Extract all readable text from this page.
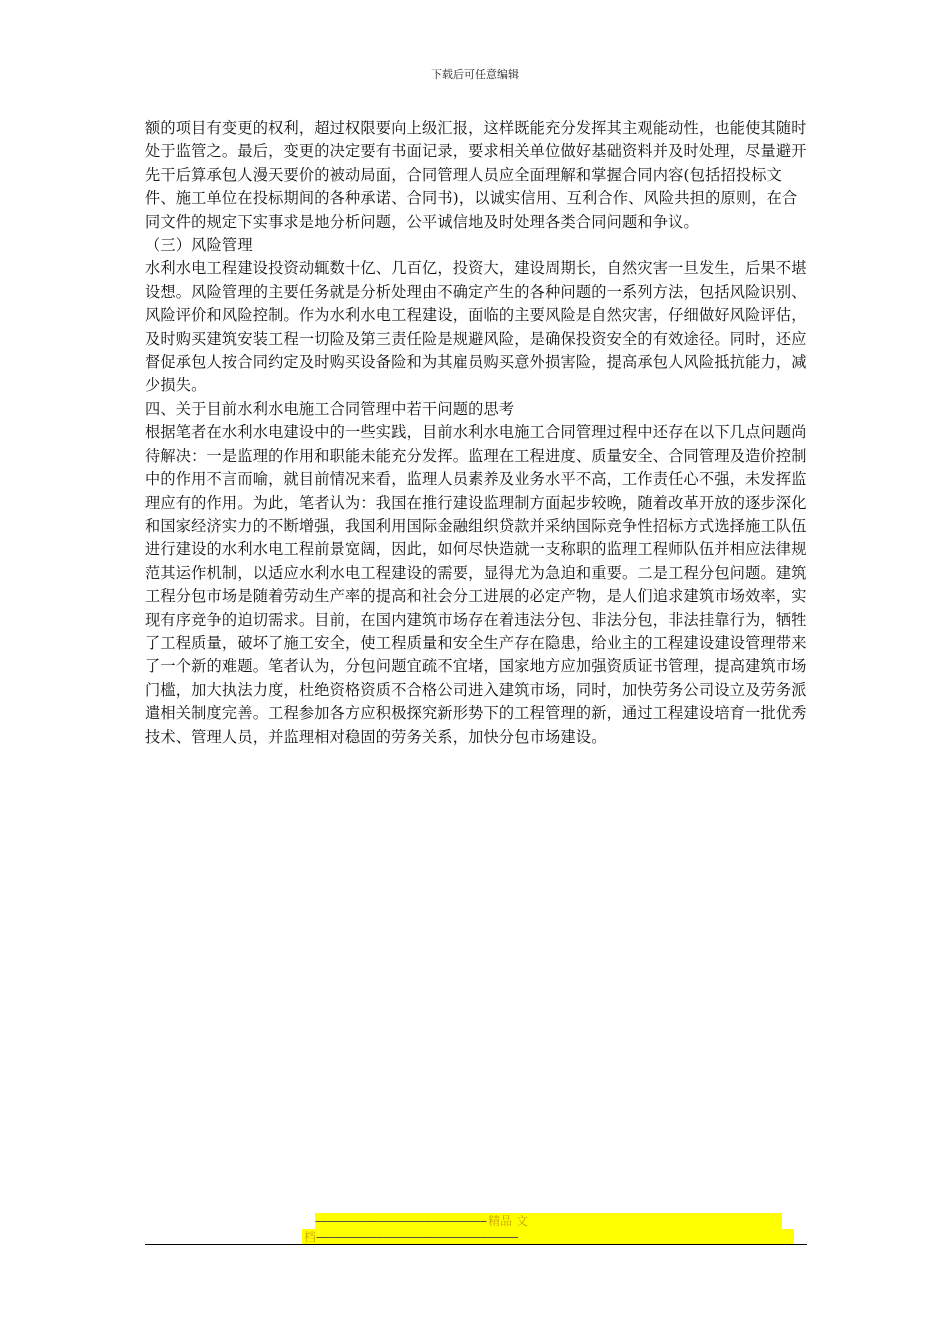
下载后可任意编辑

额的项目有变更的权利，超过权限要向上级汇报，这样既能充分发挥其主观能动性，也能使其随时处于监管之。最后，变更的决定要有书面记录，要求相关单位做好基础资料并及时处理，尽量避开先干后算承包人漫天要价的被动局面，合同管理人员应全面理解和掌握合同内容(包括招投标文件、施工单位在投标期间的各种承诺、合同书)，以诚实信用、互利合作、风险共担的原则，在合同文件的规定下实事求是地分析问题，公平诚信地及时处理各类合同问题和争议。

（三）风险管理

水利水电工程建设投资动辄数十亿、几百亿，投资大，建设周期长，自然灾害一旦发生，后果不堪设想。风险管理的主要任务就是分析处理由不确定产生的各种问题的一系列方法，包括风险识别、风险评价和风险控制。作为水利水电工程建设，面临的主要风险是自然灾害，仔细做好风险评估，及时购买建筑安装工程一切险及第三责任险是规避风险，是确保投资安全的有效途径。同时，还应督促承包人按合同约定及时购买设备险和为其雇员购买意外损害险，提高承包人风险抵抗能力，减少损失。

四、关于目前水利水电施工合同管理中若干问题的思考

根据笔者在水利水电建设中的一些实践，目前水利水电施工合同管理过程中还存在以下几点问题尚待解决：一是监理的作用和职能未能充分发挥。监理在工程进度、质量安全、合同管理及造价控制中的作用不言而喻，就目前情况来看，监理人员素养及业务水平不高，工作责任心不强，未发挥监理应有的作用。为此，笔者认为：我国在推行建设监理制方面起步较晚，随着改革开放的逐步深化和国家经济实力的不断增强，我国利用国际金融组织贷款并采纳国际竞争性招标方式选择施工队伍进行建设的水利水电工程前景宽阔，因此，如何尽快造就一支称职的监理工程师队伍并相应法律规范其运作机制，以适应水利水电工程建设的需要，显得尤为急迫和重要。二是工程分包问题。建筑工程分包市场是随着劳动生产率的提高和社会分工进展的必定产物，是人们追求建筑市场效率，实现有序竞争的迫切需求。目前，在国内建筑市场存在着违法分包、非法分包，非法挂靠行为，牺牲了工程质量，破坏了施工安全，使工程质量和安全生产存在隐患，给业主的工程建设建设管理带来了一个新的难题。笔者认为，分包问题宜疏不宜堵，国家地方应加强资质证书管理，提高建筑市场门槛，加大执法力度，杜绝资格资质不合格公司进入建筑市场，同时，加快劳务公司设立及劳务派遣相关制度完善。工程参加各方应积极探究新形势下的工程管理的新，通过工程建设培育一批优秀技术、管理人员，并监理相对稳固的劳务关系，加快分包市场建设。

-------------------------------------------------------- 精品 文
档------------------------------------------------------------------
